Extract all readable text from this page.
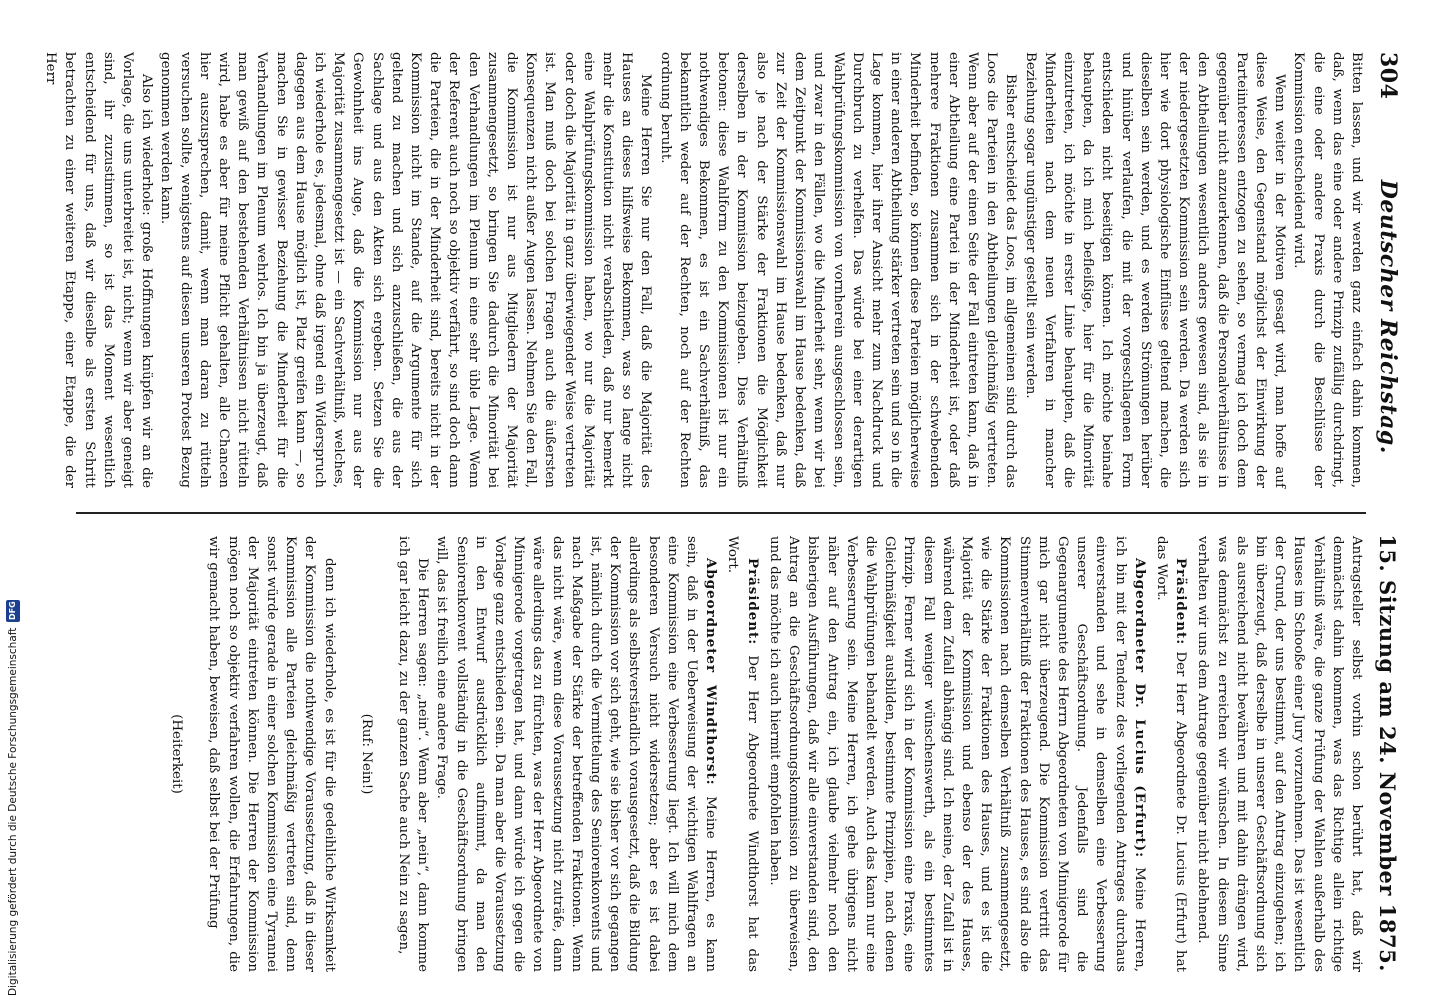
304
Deutscher Reichstag.
15. Sitzung am 24. November 1875.

Bitten lassen, und wir werden ganz einfach dahin kommen, daß, wenn das eine oder andere Prinzip zufällig durchdringt, die eine oder andere Praxis durch die Beschlüsse der Kommission entscheidend wird.

Wenn weiter in der Motiven gesagt wird, man hoffe auf diese Weise, den Gegenstand möglichst der Einwirkung der Parteiinteressen entzogen zu sehen, so vermag ich doch dem gegenüber nicht anzuerkennen, daß die Personalverhältnisse in den Abtheilungen wesentlich anders gewesen sind, als sie in der niedergesetzten Kommission sein werden. Da werden sich hier wie dort physiologische Einflüsse geltend machen, die dieselben sein werden, und es werden Strömungen herüber und hinüber verlaufen, die mit der vorgeschlagenen Form entschieden nicht beseitigen können. Ich möchte beinahe behaupten, da ich mich befleißige, hier für die Minorität einzutreten, ich möchte in erster Linie behaupten, daß die Minderheiten nach dem neuen Verfahren in mancher Beziehung sogar ungünstiger gestellt sein werden.

Bisher entscheidet das Loos, im allgemeinen sind durch das Loos die Parteien in den Abtheilungen gleichmäßig vertreten. Wenn aber auf der einen Seite der Fall eintreten kann, daß in einer Abtheilung eine Partei in der Minderheit ist, oder daß mehrere Fraktionen zusammen sich in der schwebenden Minderheit befinden, so können diese Parteien möglicherweise in einer anderen Abtheilung stärker vertreten sein und so in die Lage kommen, hier ihrer Ansicht mehr zum Nachdruck und Durchbruch zu verhelfen. Das würde bei einer derartigen Wahlprüfungskommission von vornherein ausgeschlossen sein, und zwar in den Fällen, wo die Minderheit sehr, wenn wir bei dem Zeitpunkt der Kommissionswahl im Hause bedenken, daß zur Zeit der Kommissionswahl im Hause bedenken, daß nur also je nach der Stärke der Fraktionen die Möglichkeit derselben in der Kommission beizugeben. Dies Verhältniß betonen: diese Wahlform zu den Kommissionen ist nur ein nothwendiges Bekommen, es ist ein Sachverhältniß, das bekanntlich weder auf der Rechten, noch auf der Rechten ordnung beruht.

Meine Herren Sie nur den Fall, daß die Majorität des Hauses an dieses hilfsweise Bekommen, was so lange nicht mehr die Konstitution nicht verabschieden, daß nur bemerkt eine Wahlprüfungskommission haben, wo nur die Majorität oder doch die Majorität in ganz überwiegender Weise vertreten ist. Man muß doch bei solchen Fragen auch die äußersten Konsequenzen nicht außer Augen lassen. Nehmen Sie den Fall, die Kommission ist nur aus Mitgliedern der Majorität zusammengesetzt, so bringen Sie dadurch die Minorität bei den Verhandlungen im Plenum in eine sehr üble Lage. Wenn der Referent auch noch so objektiv verfährt, so sind doch dann die Parteien, die in der Minderheit sind, bereits nicht in der Kommission nicht im Stande, auf die Argumente für sich geltend zu machen und sich anzuschließen, die aus der Sachlage und aus den Akten sich ergeben. Setzen Sie die Gewohnheit ins Auge, daß die Kommission nur aus der Majorität zusammengesetzt ist — ein Sachverhältniß, welches, ich wiederhole es, jedesmal, ohne daß irgend ein Widerspruch dagegen aus dem Hause möglich ist, Platz greifen kann —, so machen Sie in gewisser Beziehung die Minderheit für die Verhandlungen im Plenum wehrlos. Ich bin ja überzeugt, daß man gewiß auf den bestehenden Verhältnissen nicht rütteln wird, habe es aber für meine Pflicht gehalten, alle Chancen hier auszusprechen, damit, wenn man daran zu rütteln versuchen sollte, wenigstens auf diesen unseren Protest Bezug genommen werden kann.

Also ich wiederhole: große Hoffnungen knüpfen wir an die Vorlage, die uns unterbreitet ist, nicht; wenn wir aber geneigt sind, ihr zuzustimmen, so ist das Moment wesentlich entscheidend für uns, daß wir dieselbe als ersten Schritt betrachten zu einer weiteren Etappe, einer Etappe, die der Herr

Antragsteller selbst vorhin schon berührt hat, daß wir demnächst dahin kommen, was das Richtige allein richtige Verhältniß wäre, die ganze Prüfung der Wahlen außerhalb des Hauses im Schooße einer Jury vorzunehmen. Das ist wesentlich der Grund, der uns bestimmt, auf den Antrag einzugehen; ich bin überzeugt, daß derselbe in unserer Geschäftsordnung sich als ausreichend nicht bewähren und mit dahin drängen wird, was demnächst zu erreichen wir wünschen. In diesem Sinne verhalten wir uns dem Antrage gegenüber nicht ablehnend.

Präsident: Der Herr Abgeordnete Dr. Lucius (Erfurt) hat das Wort.

Abgeordneter Dr. Lucius (Erfurt): Meine Herren, ich bin mit der Tendenz des vorliegenden Antrages durchaus einverstanden und sehe in demselben eine Verbesserung unserer Geschäftsordnung. Jedenfalls sind die Gegenargumente des Herrn Abgeordneten von Minnigerode für mich gar nicht überzeugend. Die Kommission vertritt das Stimmenverhältniß der Fraktionen des Hauses, es sind also die Kommissionen nach demselben Verhältniß zusammengesetzt, wie die Stärke der Fraktionen des Hauses, und es ist die Majorität der Kommission und ebenso der des Hauses, während dem Zufall abhängig sind. Ich meine, der Zufall ist in diesem Fall weniger wünschenswerth, als ein bestimmtes Prinzip. Ferner wird sich in der Kommission eine Praxis, eine Gleichmäßigkeit ausbilden, bestimmte Prinzipien, nach denen die Wahlprüfungen behandelt werden. Auch das kann nur eine Verbesserung sein. Meine Herren, ich gehe übrigens nicht näher auf den Antrag ein, ich glaube vielmehr noch den bisherigen Ausführungen, daß wir alle einverstanden sind, den Antrag an die Geschäftsordnungskommission zu überweisen, und das möchte ich auch hiermit empfohlen haben.

Präsident: Der Herr Abgeordnete Windthorst hat das Wort.

Abgeordneter Windthorst: Meine Herren, es kann sein, daß in der Ueberweisung der wichtigen Wahlfragen an eine Kommission eine Verbesserung liegt. Ich will mich dem besonderen Versuch nicht widersetzen; aber es ist dabei allerdings als selbstverständlich vorausgesetzt, daß die Bildung der Kommission vor sich geht, wie sie bisher vor sich gegangen ist, nämlich durch die Vermittelung des Seniorenkonvents und nach Maßgabe der Stärke der betreffenden Fraktionen. Wenn das nicht wäre, wenn diese Voraussetzung nicht zuträfe, dann wäre allerdings das zu fürchten, was der Herr Abgeordnete von Minnigerode vorgetragen hat, und dann würde ich gegen die Vorlage ganz entschieden sein. Da man aber die Voraussetzung in den Entwurf ausdrücklich aufnimmt, da man den Seniorenkonvent vollständig in die Geschäftsordnung bringen will, das ist freilich eine andere Frage.

Die Herren sagen: „nein“. Wenn aber „nein“, dann komme ich gar leicht dazu, zu der ganzen Sache auch Nein zu sagen,

(Ruf: Nein!)

denn ich wiederhole, es ist für die gedeihliche Wirksamkeit der Kommission die nothwendige Voraussetzung, daß in dieser Kommission alle Parteien gleichmäßig vertreten sind, denn sonst würde gerade in einer solchen Kommission eine Tyrannei der Majorität eintreten können. Die Herren der Kommission mögen noch so objektiv verfahren wollen, die Erfahrungen, die wir gemacht haben, beweisen, daß selbst bei der Prüfung

(Heiterkeit)

Digitalisierung gefördert durch die Deutsche Forschungsgemeinschaft
DFG
